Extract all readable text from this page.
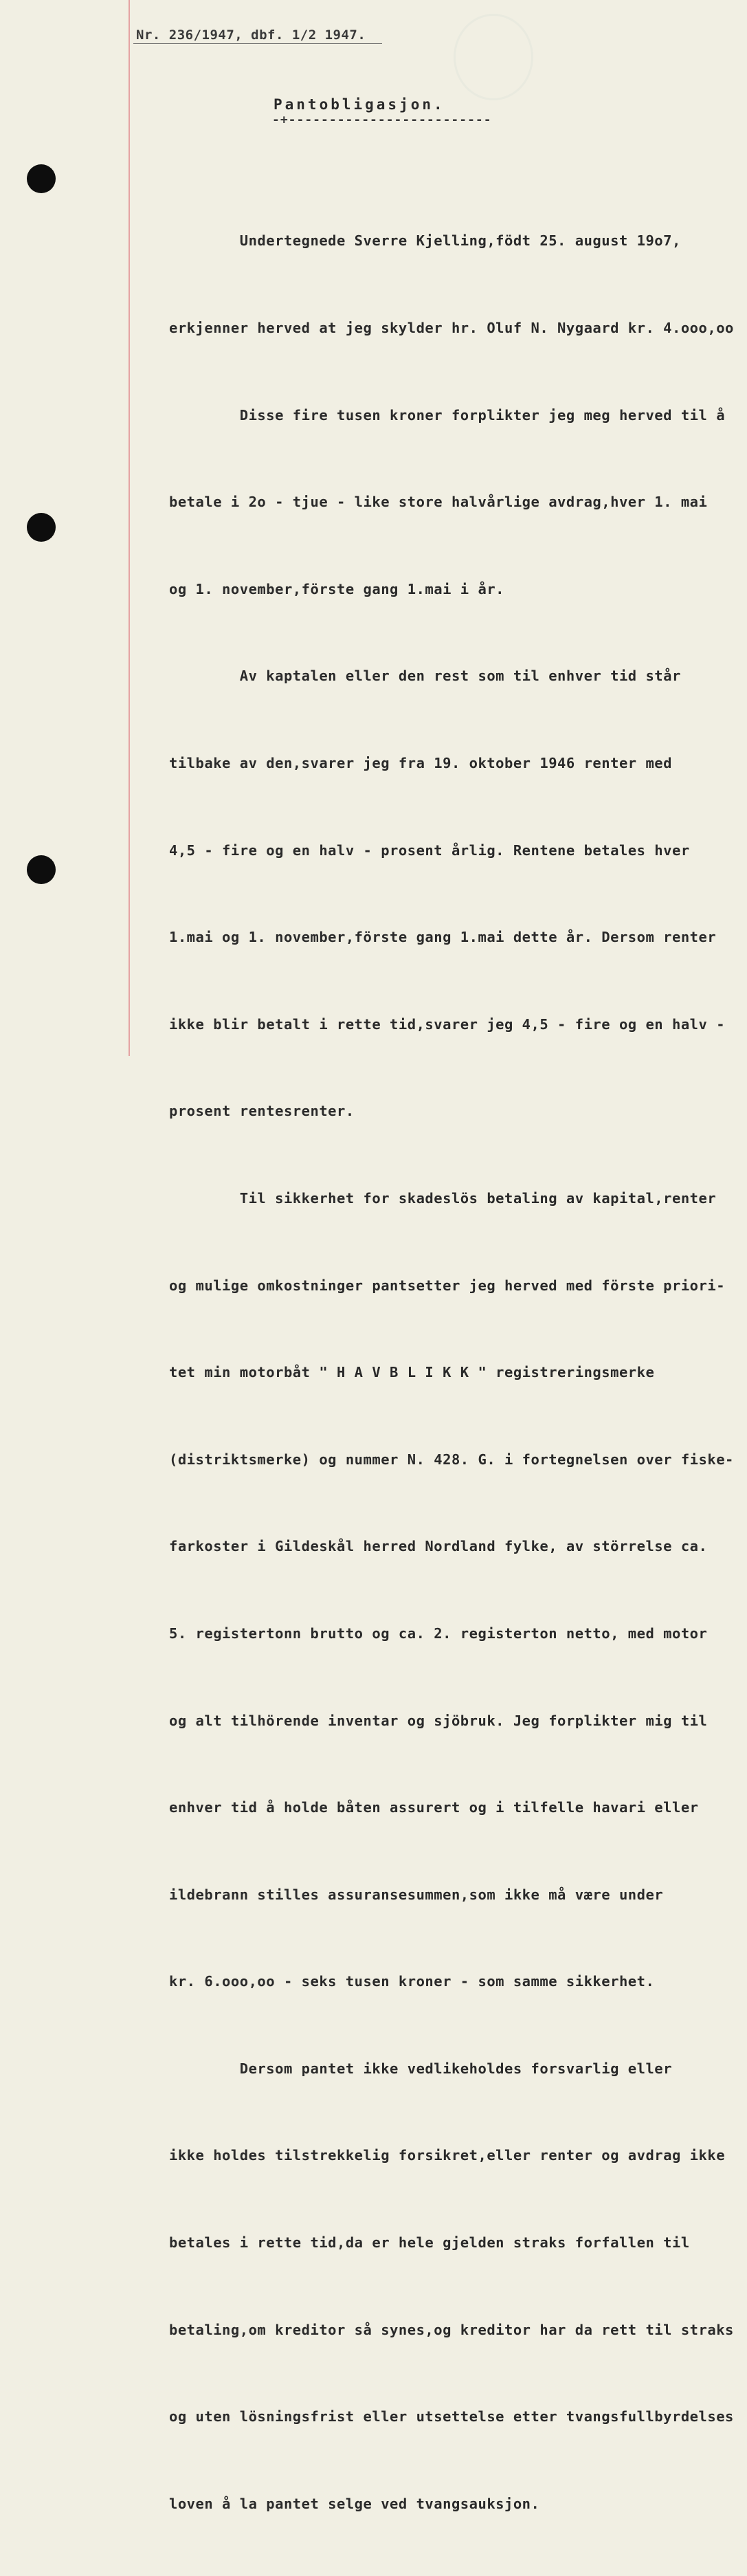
Nr. 236/1947, dbf. 1/2 1947.
Pantobligasjon.
-+-------------------------

Undertegnede Sverre Kjelling,födt 25. august 19o7,

erkjenner herved at jeg skylder hr. Oluf N. Nygaard kr. 4.ooo,oo

Disse fire tusen kroner forplikter jeg meg herved til å

betale i 2o - tjue - like store halvårlige avdrag,hver 1. mai

og 1. november,förste gang 1.mai i år.

Av kaptalen eller den rest som til enhver tid står

tilbake av den,svarer jeg fra 19. oktober 1946 renter med

4,5 - fire og en halv - prosent årlig. Rentene betales hver

1.mai og 1. november,förste gang 1.mai dette år. Dersom renter

ikke blir betalt i rette tid,svarer jeg 4,5 - fire og en halv -

prosent rentesrenter.

Til sikkerhet for skadeslös betaling av kapital,renter

og mulige omkostninger pantsetter jeg herved med förste priori-

tet min motorbåt " H A V B L I K K " registreringsmerke

(distriktsmerke) og nummer N. 428. G. i fortegnelsen over fiske-

farkoster i Gildeskål herred Nordland fylke, av störrelse ca.

5. registertonn brutto og ca. 2. registerton netto, med motor

og alt tilhörende inventar og sjöbruk. Jeg forplikter mig til

enhver tid å holde båten assurert og i tilfelle havari eller

ildebrann stilles assuransesummen,som ikke må være under

kr. 6.ooo,oo - seks tusen kroner - som samme sikkerhet.

Dersom pantet ikke vedlikeholdes forsvarlig eller

ikke holdes tilstrekkelig forsikret,eller renter og avdrag ikke

betales i rette tid,da er hele gjelden straks forfallen til

betaling,om kreditor så synes,og kreditor har da rett til straks

og uten lösningsfrist eller utsettelse etter tvangsfullbyrdelses

loven å la pantet selge ved tvangsauksjon.
